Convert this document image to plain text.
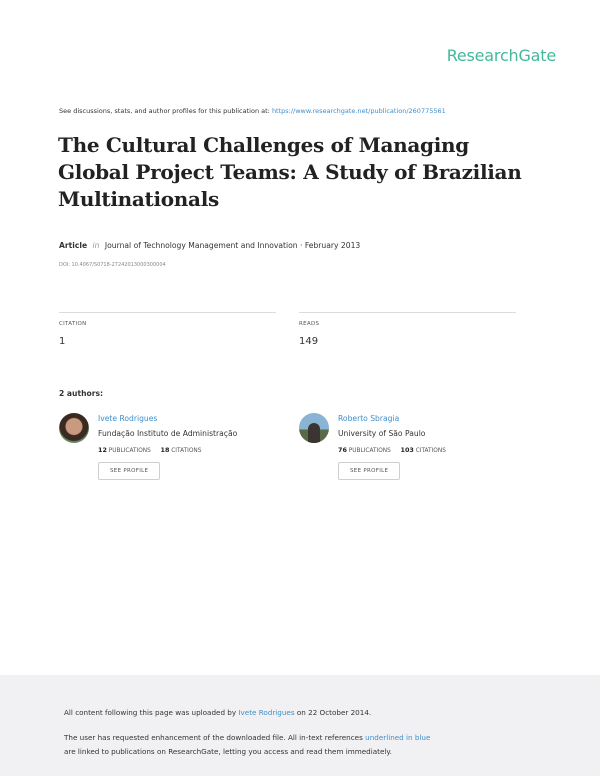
ResearchGate
See discussions, stats, and author profiles for this publication at: https://www.researchgate.net/publication/260775561
The Cultural Challenges of Managing Global Project Teams: A Study of Brazilian Multinationals
Article in Journal of Technology Management and Innovation · February 2013
DOI: 10.4067/S0718-27242013000300004
CITATION
1
READS
149
2 authors:
Ivete Rodrigues
Fundação Instituto de Administração
12 PUBLICATIONS 18 CITATIONS
SEE PROFILE
Roberto Sbragia
University of São Paulo
76 PUBLICATIONS 103 CITATIONS
SEE PROFILE
All content following this page was uploaded by Ivete Rodrigues on 22 October 2014.
The user has requested enhancement of the downloaded file. All in-text references underlined in blue
are linked to publications on ResearchGate, letting you access and read them immediately.
